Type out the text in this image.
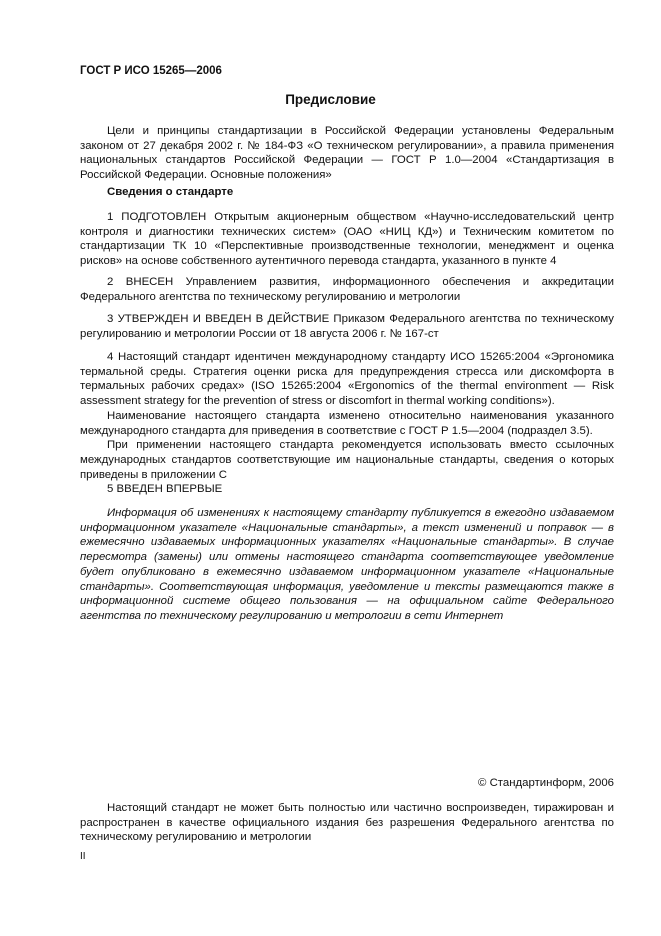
ГОСТ Р ИСО 15265—2006
Предисловие

Цели и принципы стандартизации в Российской Федерации установлены Федеральным законом от 27 декабря 2002 г. № 184-ФЗ «О техническом регулировании», а правила применения национальных стандартов Российской Федерации — ГОСТ Р 1.0—2004 «Стандартизация в Российской Федерации. Основные положения»

Сведения о стандарте

1 ПОДГОТОВЛЕН Открытым акционерным обществом «Научно-исследовательский центр контроля и диагностики технических систем» (ОАО «НИЦ КД») и Техническим комитетом по стандартизации ТК 10 «Перспективные производственные технологии, менеджмент и оценка рисков» на основе собственного аутентичного перевода стандарта, указанного в пункте 4

2 ВНЕСЕН Управлением развития, информационного обеспечения и аккредитации Федерального агентства по техническому регулированию и метрологии

3 УТВЕРЖДЕН И ВВЕДЕН В ДЕЙСТВИЕ Приказом Федерального агентства по техническому регулированию и метрологии России от 18 августа 2006 г. № 167-ст

4 Настоящий стандарт идентичен международному стандарту ИСО 15265:2004 «Эргономика термальной среды. Стратегия оценки риска для предупреждения стресса или дискомфорта в термальных рабочих средах» (ISO 15265:2004 «Ergonomics of the thermal environment — Risk assessment strategy for the prevention of stress or discomfort in thermal working conditions»).

Наименование настоящего стандарта изменено относительно наименования указанного международного стандарта для приведения в соответствие с ГОСТ Р 1.5—2004 (подраздел 3.5).

При применении настоящего стандарта рекомендуется использовать вместо ссылочных международных стандартов соответствующие им национальные стандарты, сведения о которых приведены в приложении С

5 ВВЕДЕН ВПЕРВЫЕ

Информация об изменениях к настоящему стандарту публикуется в ежегодно издаваемом информационном указателе «Национальные стандарты», а текст изменений и поправок — в ежемесячно издаваемых информационных указателях «Национальные стандарты». В случае пересмотра (замены) или отмены настоящего стандарта соответствующее уведомление будет опубликовано в ежемесячно издаваемом информационном указателе «Национальные стандарты». Соответствующая информация, уведомление и тексты размещаются также в информационной системе общего пользования — на официальном сайте Федерального агентства по техническому регулированию и метрологии в сети Интернет

© Стандартинформ, 2006

Настоящий стандарт не может быть полностью или частично воспроизведен, тиражирован и распространен в качестве официального издания без разрешения Федерального агентства по техническому регулированию и метрологии

II
